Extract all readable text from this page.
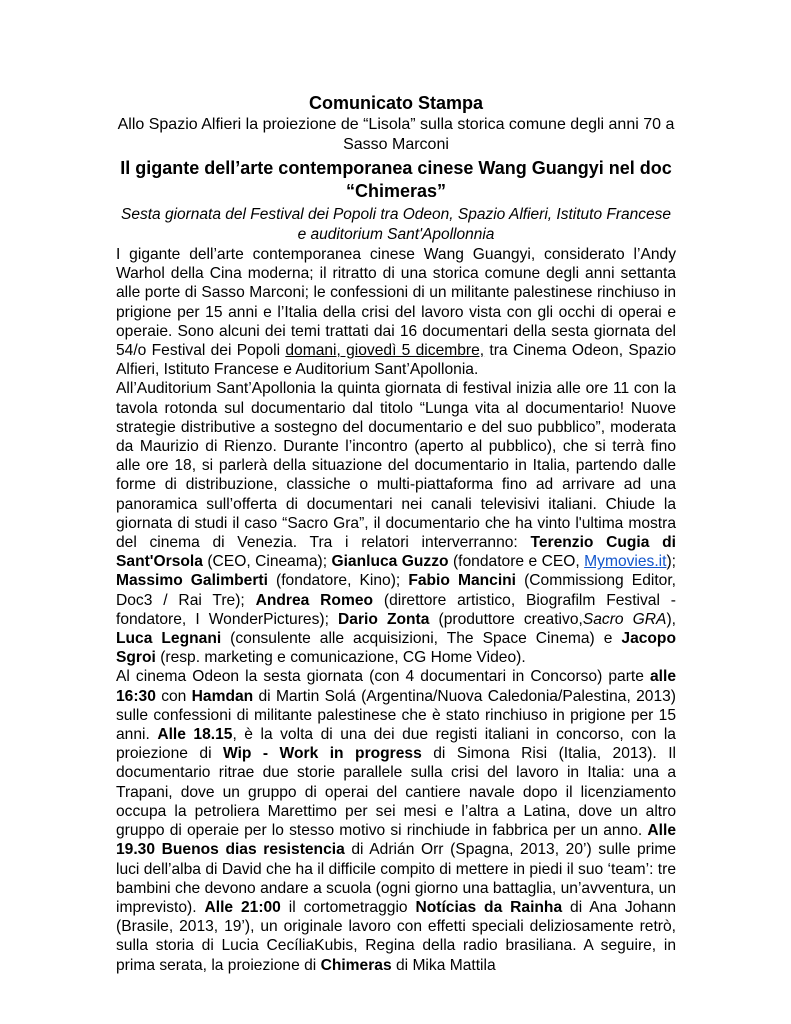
Comunicato Stampa
Allo Spazio Alfieri la proiezione de “Lisola” sulla storica comune degli anni 70 a Sasso Marconi
Il gigante dell’arte contemporanea cinese Wang Guangyi nel doc “Chimeras”
Sesta giornata del Festival dei Popoli tra Odeon, Spazio Alfieri, Istituto Francese e auditorium Sant'Apollonnia

I gigante dell’arte contemporanea cinese Wang Guangyi, considerato l’Andy Warhol della Cina moderna; il ritratto di una storica comune degli anni settanta alle porte di Sasso Marconi; le confessioni di un militante palestinese rinchiuso in prigione per 15 anni e l’Italia della crisi del lavoro vista con gli occhi di operai e operaie. Sono alcuni dei temi trattati dai 16 documentari della sesta giornata del 54/o Festival dei Popoli domani, giovedì 5 dicembre, tra Cinema Odeon, Spazio Alfieri, Istituto Francese e Auditorium Sant’Apollonia.

All’Auditorium Sant’Apollonia la quinta giornata di festival inizia alle ore 11 con la tavola rotonda sul documentario dal titolo “Lunga vita al documentario! Nuove strategie distributive a sostegno del documentario e del suo pubblico”, moderata da Maurizio di Rienzo. Durante l’incontro (aperto al pubblico), che si terrà fino alle ore 18, si parlerà della situazione del documentario in Italia, partendo dalle forme di distribuzione, classiche o multi-piattaforma fino ad arrivare ad una panoramica sull’offerta di documentari nei canali televisivi italiani. Chiude la giornata di studi il caso “Sacro Gra”, il documentario che ha vinto l'ultima mostra del cinema di Venezia. Tra i relatori interverranno: Terenzio Cugia di Sant'Orsola (CEO, Cineama); Gianluca Guzzo (fondatore e CEO, Mymovies.it); Massimo Galimberti (fondatore, Kino); Fabio Mancini (Commissiong Editor, Doc3 / Rai Tre); Andrea Romeo (direttore artistico, Biografilm Festival - fondatore, I WonderPictures); Dario Zonta (produttore creativo,Sacro GRA), Luca Legnani (consulente alle acquisizioni, The Space Cinema) e Jacopo Sgroi (resp. marketing e comunicazione, CG Home Video).

Al cinema Odeon la sesta giornata (con 4 documentari in Concorso) parte alle 16:30 con Hamdan di Martin Solá (Argentina/Nuova Caledonia/Palestina, 2013) sulle confessioni di militante palestinese che è stato rinchiuso in prigione per 15 anni. Alle 18.15, è la volta di una dei due registi italiani in concorso, con la proiezione di Wip - Work in progress di Simona Risi (Italia, 2013). Il documentario ritrae due storie parallele sulla crisi del lavoro in Italia: una a Trapani, dove un gruppo di operai del cantiere navale dopo il licenziamento occupa la petroliera Marettimo per sei mesi e l’altra a Latina, dove un altro gruppo di operaie per lo stesso motivo si rinchiude in fabbrica per un anno. Alle 19.30 Buenos dias resistencia di Adrián Orr (Spagna, 2013, 20’) sulle prime luci dell’alba di David che ha il difficile compito di mettere in piedi il suo ‘team’: tre bambini che devono andare a scuola (ogni giorno una battaglia, un’avventura, un imprevisto). Alle 21:00 il cortometraggio Notícias da Rainha di Ana Johann (Brasile, 2013, 19’), un originale lavoro con effetti speciali deliziosamente retrò, sulla storia di Lucia CecíliaKubis, Regina della radio brasiliana. A seguire, in prima serata, la proiezione di Chimeras di Mika Mattila
